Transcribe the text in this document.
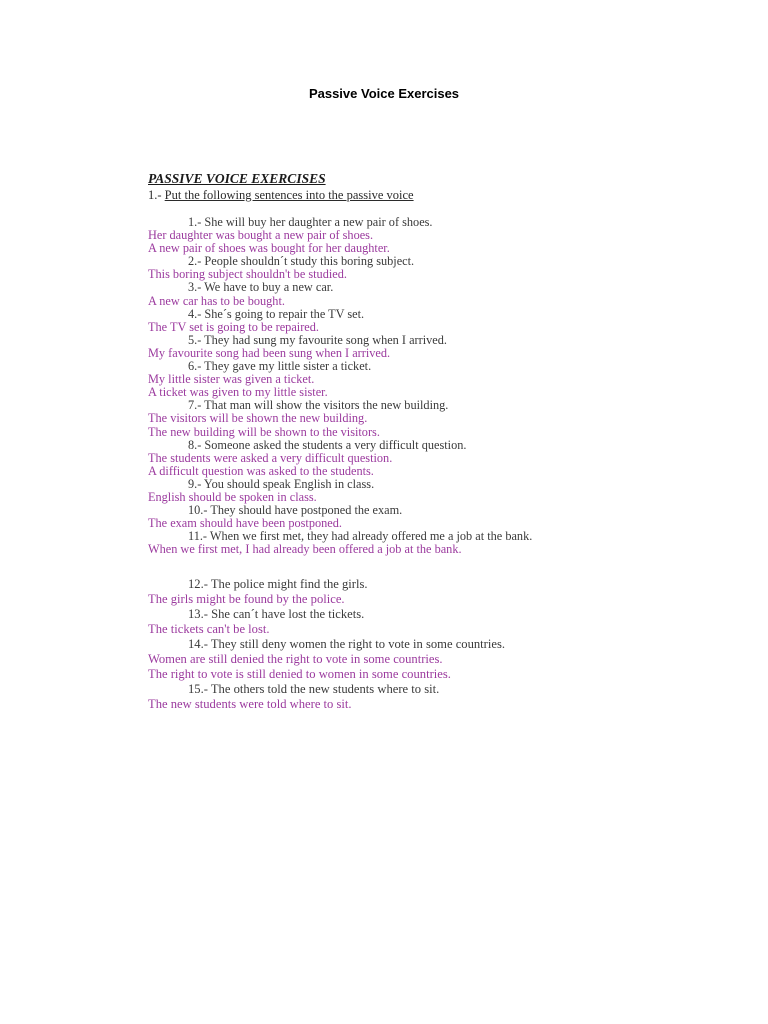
Passive Voice Exercises
PASSIVE VOICE EXERCISES
1.- Put the following sentences into the passive voice
1.- She will buy her daughter a new pair of shoes.
Her daughter was bought a new pair of shoes.
A new pair of shoes was bought for her daughter.
2.- People shouldn´t study this boring subject.
This boring subject shouldn't be studied.
3.- We have to buy a new car.
A new car has to be bought.
4.- She´s going to repair the TV set.
The TV set is going to be repaired.
5.- They had sung my favourite song when I arrived.
My favourite song had been sung when I arrived.
6.- They gave my little sister a ticket.
My little sister was given a ticket.
A ticket was given to my little sister.
7.- That man will show the visitors the new building.
The visitors will be shown the new building.
The new building will be shown to the visitors.
8.- Someone asked the students a very difficult question.
The students were asked a very difficult question.
A difficult question was asked to the students.
9.- You should speak English in class.
English should be spoken in class.
10.- They should have postponed the exam.
The exam should have been postponed.
11.- When we first met, they had already offered me a job at the bank.
When we first met, I had already been offered a job at the bank.
12.- The police might find the girls.
The girls might be found by the police.
13.- She can´t have lost the tickets.
The tickets can't be lost.
14.- They still deny women the right to vote in some countries.
Women are still denied the right to vote in some countries.
The right to vote is still denied to women in some countries.
15.- The others told the new students where to sit.
The new students were told where to sit.
